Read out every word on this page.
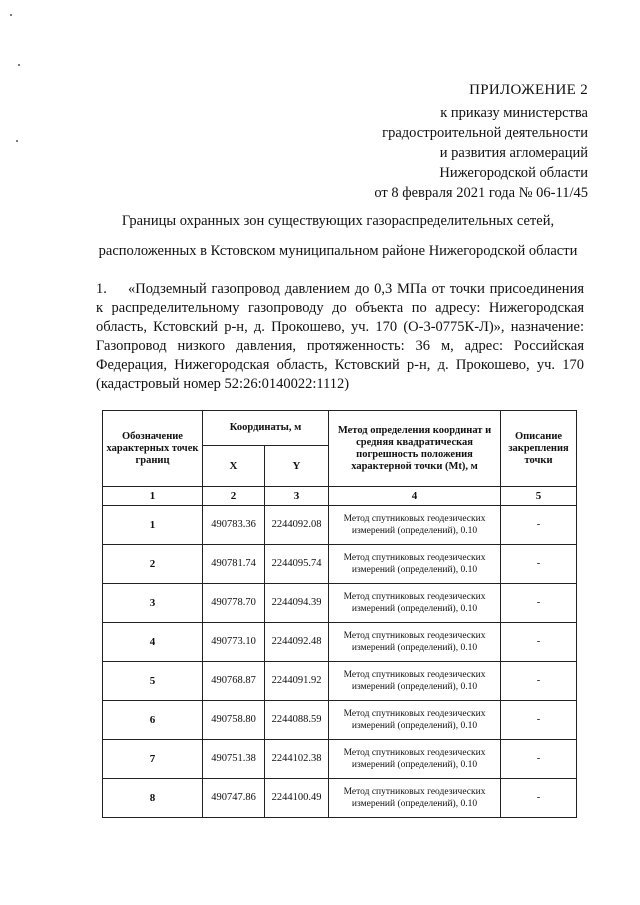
ПРИЛОЖЕНИЕ 2
к приказу министерства
градостроительной деятельности
и развития агломераций
Нижегородской области
от 8 февраля 2021 года № 06-11/45
Границы охранных зон существующих газораспределительных сетей,
расположенных в Кстовском муниципальном районе Нижегородской области
1. «Подземный газопровод давлением до 0,3 МПа от точки присоединения к распределительному газопроводу до объекта по адресу: Нижегородская область, Кстовский р-н, д. Прокошево, уч. 170 (О-3-0775К-Л)», назначение: Газопровод низкого давления, протяженность: 36 м, адрес: Российская Федерация, Нижегородская область, Кстовский р-н, д. Прокошево, уч. 170 (кадастровый номер 52:26:0140022:1112)
Обозначение характерных точек границ	Координаты, м		Метод определения координат и средняя квадратическая погрешность положения характерной точки (Mt), м	Описание закрепления точки
	X	Y		
1	2	3	4	5
1	490783.36	2244092.08	Метод спутниковых геодезических измерений (определений), 0.10	-
2	490781.74	2244095.74	Метод спутниковых геодезических измерений (определений), 0.10	-
3	490778.70	2244094.39	Метод спутниковых геодезических измерений (определений), 0.10	-
4	490773.10	2244092.48	Метод спутниковых геодезических измерений (определений), 0.10	-
5	490768.87	2244091.92	Метод спутниковых геодезических измерений (определений), 0.10	-
6	490758.80	2244088.59	Метод спутниковых геодезических измерений (определений), 0.10	-
7	490751.38	2244102.38	Метод спутниковых геодезических измерений (определений), 0.10	-
8	490747.86	2244100.49	Метод спутниковых геодезических измерений (определений), 0.10	-
